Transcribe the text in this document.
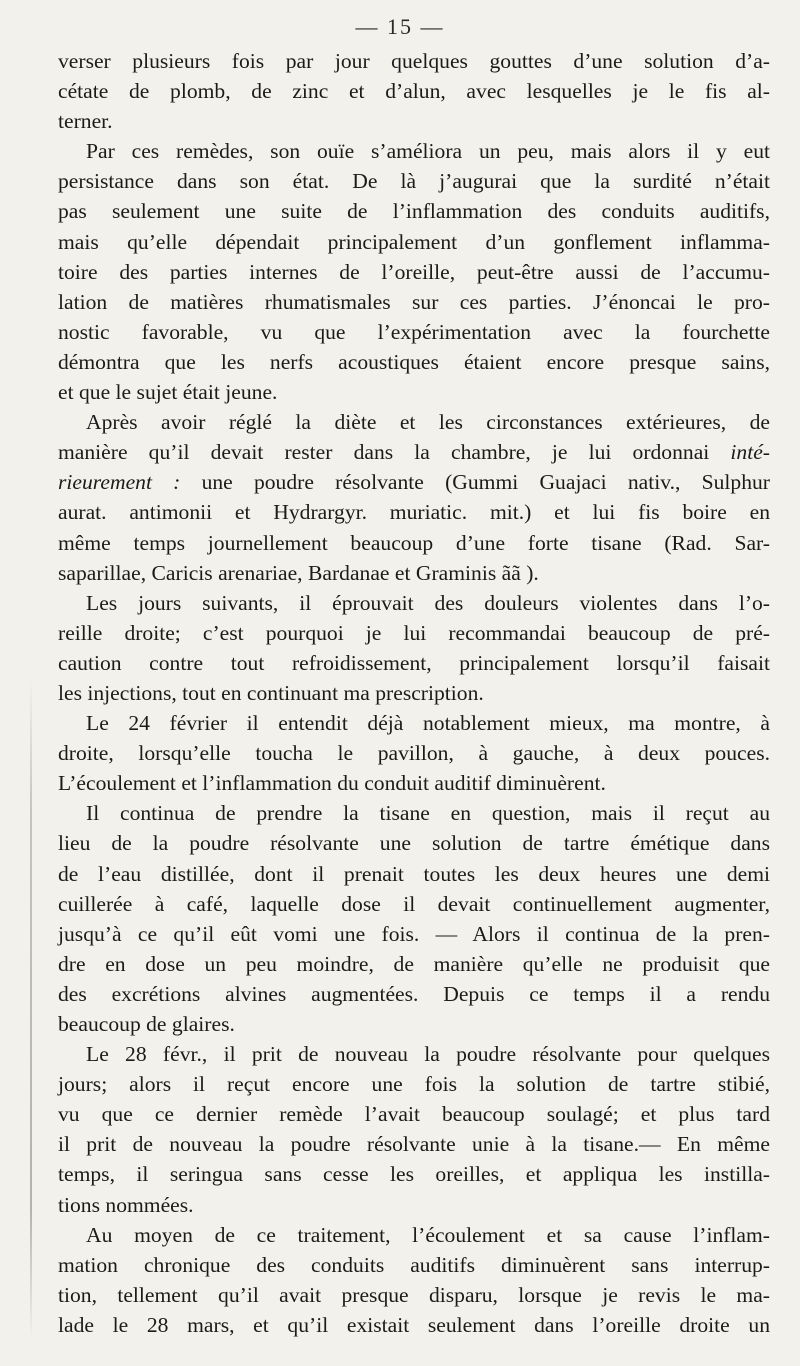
— 15 —
verser plusieurs fois par jour quelques gouttes d’une solution d’a-
cétate de plomb, de zinc et d’alun, avec lesquelles je le fis al-
terner.
Par ces remèdes, son ouïe s’améliora un peu, mais alors il y eut
persistance dans son état. De là j’augurai que la surdité n’était
pas seulement une suite de l’inflammation des conduits auditifs,
mais qu’elle dépendait principalement d’un gonflement inflamma-
toire des parties internes de l’oreille, peut-être aussi de l’accumu-
lation de matières rhumatismales sur ces parties. J’énoncai le pro-
nostic favorable, vu que l’expérimentation avec la fourchette
démontra que les nerfs acoustiques étaient encore presque sains,
et que le sujet était jeune.
Après avoir réglé la diète et les circonstances extérieures, de
manière qu’il devait rester dans la chambre, je lui ordonnai inté-
rieurement : une poudre résolvante (Gummi Guajaci nativ., Sulphur
aurat. antimonii et Hydrargyr. muriatic. mit.) et lui fis boire en
même temps journellement beaucoup d’une forte tisane (Rad. Sar-
saparillae, Caricis arenariae, Bardanae et Graminis ãã ).
Les jours suivants, il éprouvait des douleurs violentes dans l’o-
reille droite; c’est pourquoi je lui recommandai beaucoup de pré-
caution contre tout refroidissement, principalement lorsqu’il faisait
les injections, tout en continuant ma prescription.
Le 24 février il entendit déjà notablement mieux, ma montre, à
droite, lorsqu’elle toucha le pavillon, à gauche, à deux pouces.
L’écoulement et l’inflammation du conduit auditif diminuèrent.
Il continua de prendre la tisane en question, mais il reçut au
lieu de la poudre résolvante une solution de tartre émétique dans
de l’eau distillée, dont il prenait toutes les deux heures une demi
cuillerée à café, laquelle dose il devait continuellement augmenter,
jusqu’à ce qu’il eût vomi une fois. — Alors il continua de la pren-
dre en dose un peu moindre, de manière qu’elle ne produisit que
des excrétions alvines augmentées. Depuis ce temps il a rendu
beaucoup de glaires.
Le 28 févr., il prit de nouveau la poudre résolvante pour quelques
jours; alors il reçut encore une fois la solution de tartre stibié,
vu que ce dernier remède l’avait beaucoup soulagé; et plus tard
il prit de nouveau la poudre résolvante unie à la tisane.— En même
temps, il seringua sans cesse les oreilles, et appliqua les instilla-
tions nommées.
Au moyen de ce traitement, l’écoulement et sa cause l’inflam-
mation chronique des conduits auditifs diminuèrent sans interrup-
tion, tellement qu’il avait presque disparu, lorsque je revis le ma-
lade le 28 mars, et qu’il existait seulement dans l’oreille droite un
